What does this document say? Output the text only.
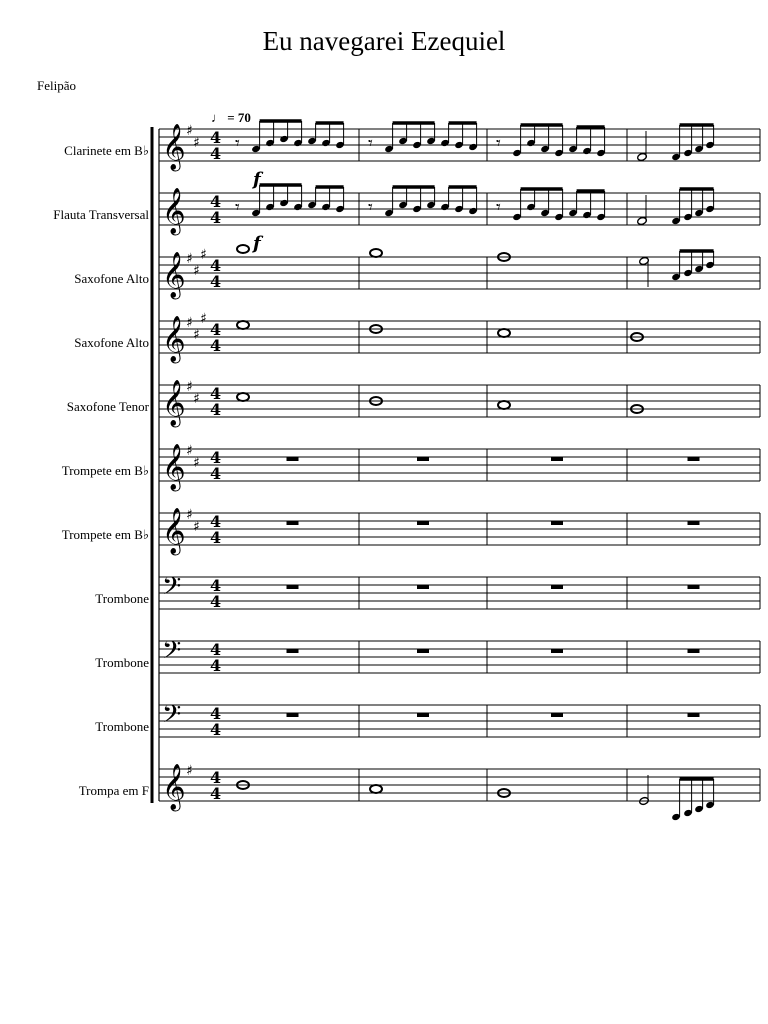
Eu navegarei Ezequiel
Felipão
♩ = 70
Clarinete em B♭
Flauta Transversal
Saxofone Alto
Saxofone Alto
Saxofone Tenor
Trompete em B♭
Trompete em B♭
Trombone
Trombone
Trombone
Trompa em F
𝄞 ♯
♯ 4
4 𝄾	𝄾	𝄾
f
𝄞 4
4 𝄾	𝄾	𝄾
f
𝄞 ♯
♯
♯
4
4
𝄞 ♯
♯
♯
4
4
𝄞 ♯
♯ 4
4
𝄞 ♯
♯ 4
4
𝄞 ♯
♯ 4
4
𝄢 4
4
𝄢 4
4
𝄢 4
4
𝄞 ♯ 4
4
